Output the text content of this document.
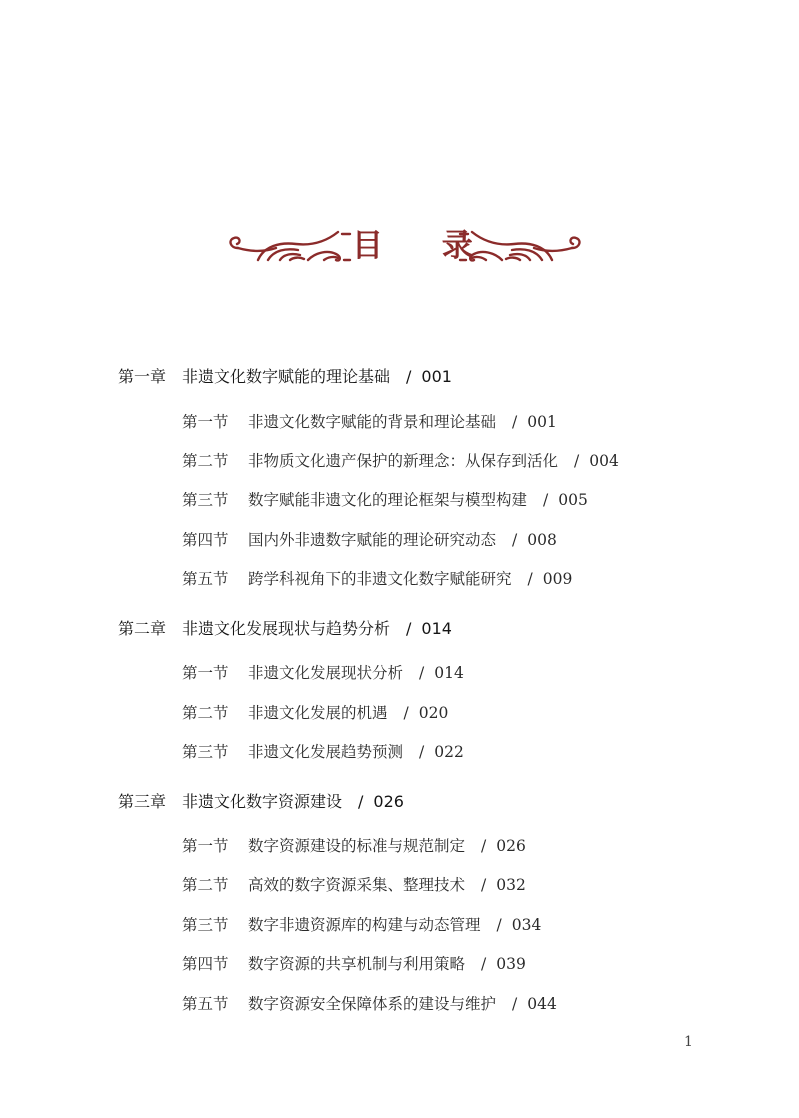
目 录
第一章 非遗文化数字赋能的理论基础 / 001
第一节 非遗文化数字赋能的背景和理论基础 / 001
第二节 非物质文化遗产保护的新理念：从保存到活化 / 004
第三节 数字赋能非遗文化的理论框架与模型构建 / 005
第四节 国内外非遗数字赋能的理论研究动态 / 008
第五节 跨学科视角下的非遗文化数字赋能研究 / 009
第二章 非遗文化发展现状与趋势分析 / 014
第一节 非遗文化发展现状分析 / 014
第二节 非遗文化发展的机遇 / 020
第三节 非遗文化发展趋势预测 / 022
第三章 非遗文化数字资源建设 / 026
第一节 数字资源建设的标准与规范制定 / 026
第二节 高效的数字资源采集、整理技术 / 032
第三节 数字非遗资源库的构建与动态管理 / 034
第四节 数字资源的共享机制与利用策略 / 039
第五节 数字资源安全保障体系的建设与维护 / 044
1
